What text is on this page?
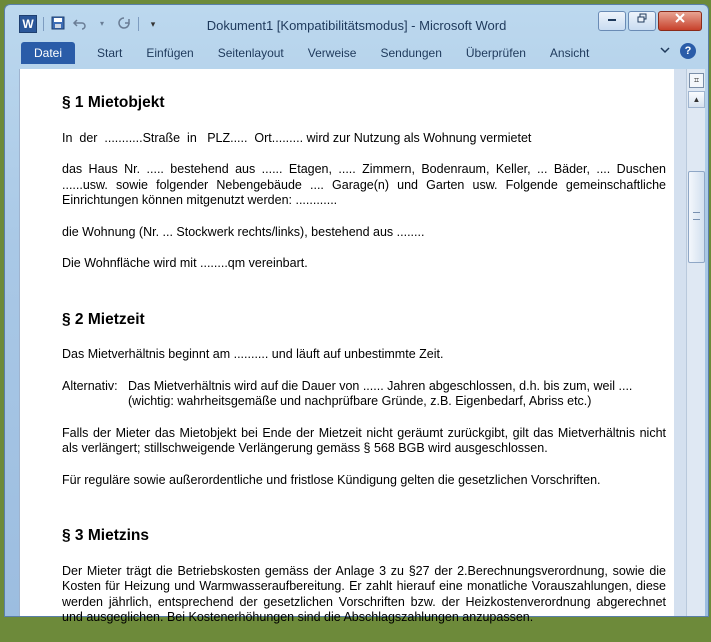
W	▾	▾	Dokument1 [Kompatibilitätsmodus] - Microsoft Word
Datei	Start	Einfügen	Seitenlayout	Verweise	Sendungen	Überprüfen	Ansicht	?
§ 1 Mietobjekt
In  der  ...........Straße  in   PLZ.....  Ort......... wird zur Nutzung als Wohnung vermietet
das Haus Nr. ..... bestehend aus ...... Etagen, ..... Zimmern, Bodenraum, Keller, ... Bäder, .... Duschen ......usw. sowie folgender Nebengebäude .... Garage(n) und Garten usw. Folgende gemeinschaftliche Einrichtungen können mitgenutzt werden: ............
die Wohnung (Nr. ... Stockwerk rechts/links), bestehend aus ........
Die Wohnfläche wird mit ........qm vereinbart.
§ 2 Mietzeit
Das Mietverhältnis beginnt am .......... und läuft auf unbestimmte Zeit.
Alternativ: Das Mietverhältnis wird auf die Dauer von ...... Jahren abgeschlossen, d.h. bis zum, weil ....
(wichtig: wahrheitsgemäße und nachprüfbare Gründe, z.B. Eigenbedarf, Abriss etc.)
Falls der Mieter das Mietobjekt bei Ende der Mietzeit nicht geräumt zurückgibt, gilt das Mietverhältnis nicht als verlängert; stillschweigende Verlängerung gemäss § 568 BGB wird ausgeschlossen.
Für reguläre sowie außerordentliche und fristlose Kündigung gelten die gesetzlichen Vorschriften.
§ 3 Mietzins
Der Mieter trägt die Betriebskosten gemäss der Anlage 3 zu §27 der 2.Berechnungsverordnung, sowie die Kosten für Heizung und Warmwasseraufbereitung. Er zahlt hierauf eine monatliche Vorauszahlungen, diese werden jährlich, entsprechend der gesetzlichen Vorschriften bzw. der Heizkostenverordnung abgerechnet und ausgeglichen. Bei Kostenerhöhungen sind die Abschlagszahlungen anzupassen.
⌗
▲
